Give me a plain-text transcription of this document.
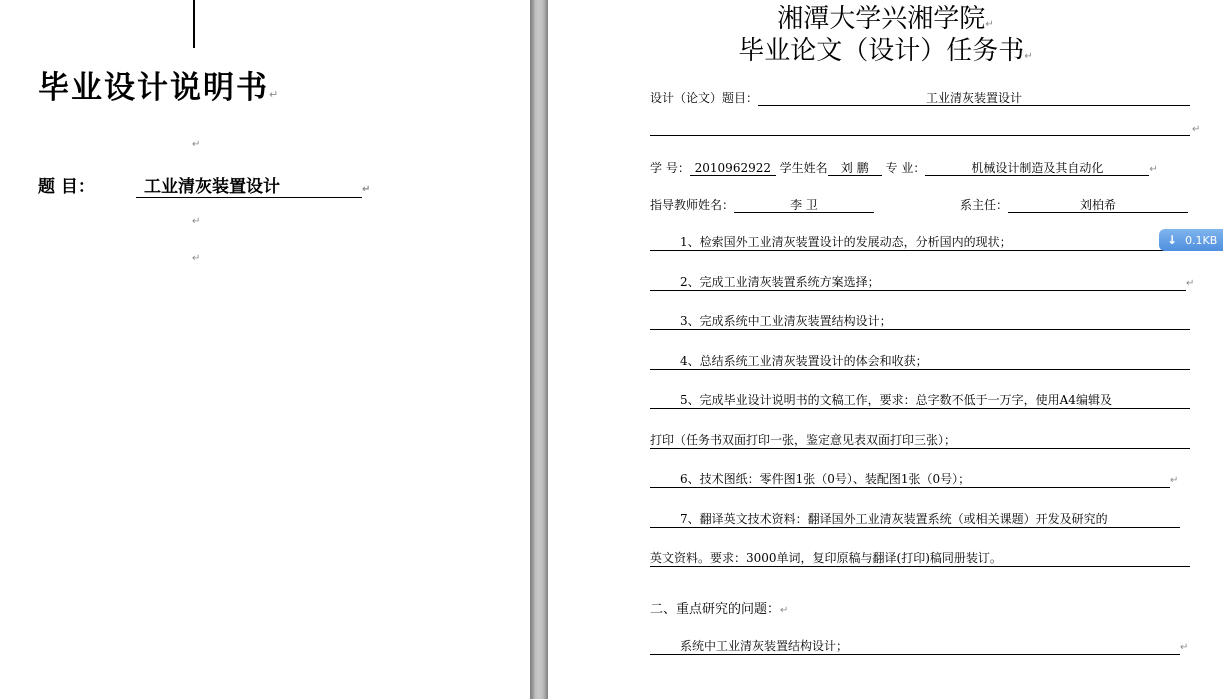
毕业设计说明书↵
↵
题 目：	工业清灰装置设计	↵
↵
↵
湘潭大学兴湘学院↵
毕业论文（设计）任务书↵
设计（论文）题目：	工业清灰装置设计
↵
学 号： 2010962922 学生姓名 刘 鹏 专 业：	机械设计制造及其自动化	↵
指导教师姓名：	李 卫	系主任：	刘柏希
1、检索国外工业清灰装置设计的发展动态，分析国内的现状；
2、完成工业清灰装置系统方案选择；	↵
3、完成系统中工业清灰装置结构设计；
4、总结系统工业清灰装置设计的体会和收获；
5、完成毕业设计说明书的文稿工作，要求：总字数不低于一万字，使用A4编辑及
打印（任务书双面打印一张，鉴定意见表双面打印三张）；
6、技术图纸：零件图1张（0号）、装配图1张（0号）；	↵
7、翻译英文技术资料：翻译国外工业清灰装置系统（或相关课题）开发及研究的
英文资料。要求：3000单词，复印原稿与翻译(打印)稿同册装订。
二、重点研究的问题：↵
系统中工业清灰装置结构设计；	↵
↓ 0.1KB
